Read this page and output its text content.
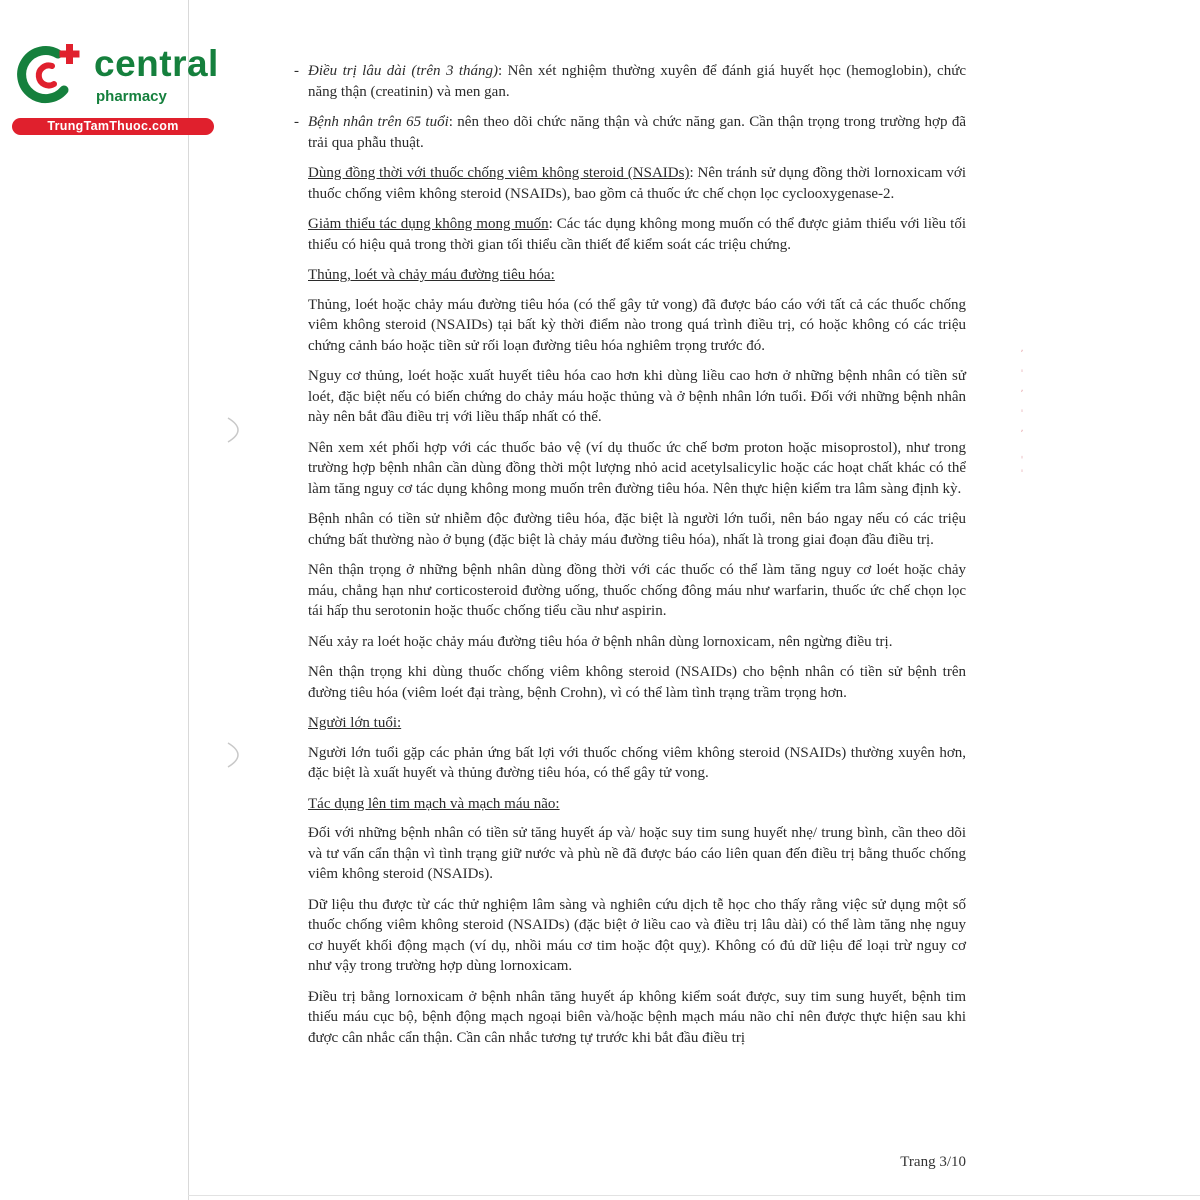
central
pharmacy
TrungTamThuoc.com
ʼ
ˈ
ʼ
ˈ
ʼ
ˌ
ˈ

- Điều trị lâu dài (trên 3 tháng): Nên xét nghiệm thường xuyên để đánh giá huyết học (hemoglobin), chức năng thận (creatinin) và men gan.

- Bệnh nhân trên 65 tuổi: nên theo dõi chức năng thận và chức năng gan. Cần thận trọng trong trường hợp đã trải qua phẫu thuật.

Dùng đồng thời với thuốc chống viêm không steroid (NSAIDs): Nên tránh sử dụng đồng thời lornoxicam với thuốc chống viêm không steroid (NSAIDs), bao gồm cả thuốc ức chế chọn lọc cyclooxygenase-2.

Giảm thiểu tác dụng không mong muốn: Các tác dụng không mong muốn có thể được giảm thiểu với liều tối thiểu có hiệu quả trong thời gian tối thiểu cần thiết để kiểm soát các triệu chứng.

Thủng, loét và chảy máu đường tiêu hóa:

Thủng, loét hoặc chảy máu đường tiêu hóa (có thể gây tử vong) đã được báo cáo với tất cả các thuốc chống viêm không steroid (NSAIDs) tại bất kỳ thời điểm nào trong quá trình điều trị, có hoặc không có các triệu chứng cảnh báo hoặc tiền sử rối loạn đường tiêu hóa nghiêm trọng trước đó.

Nguy cơ thủng, loét hoặc xuất huyết tiêu hóa cao hơn khi dùng liều cao hơn ở những bệnh nhân có tiền sử loét, đặc biệt nếu có biến chứng do chảy máu hoặc thủng và ở bệnh nhân lớn tuổi. Đối với những bệnh nhân này nên bắt đầu điều trị với liều thấp nhất có thể.

Nên xem xét phối hợp với các thuốc bảo vệ (ví dụ thuốc ức chế bơm proton hoặc misoprostol), như trong trường hợp bệnh nhân cần dùng đồng thời một lượng nhỏ acid acetylsalicylic hoặc các hoạt chất khác có thể làm tăng nguy cơ tác dụng không mong muốn trên đường tiêu hóa. Nên thực hiện kiểm tra lâm sàng định kỳ.

Bệnh nhân có tiền sử nhiễm độc đường tiêu hóa, đặc biệt là người lớn tuổi, nên báo ngay nếu có các triệu chứng bất thường nào ở bụng (đặc biệt là chảy máu đường tiêu hóa), nhất là trong giai đoạn đầu điều trị.

Nên thận trọng ở những bệnh nhân dùng đồng thời với các thuốc có thể làm tăng nguy cơ loét hoặc chảy máu, chẳng hạn như corticosteroid đường uống, thuốc chống đông máu như warfarin, thuốc ức chế chọn lọc tái hấp thu serotonin hoặc thuốc chống tiểu cầu như aspirin.

Nếu xảy ra loét hoặc chảy máu đường tiêu hóa ở bệnh nhân dùng lornoxicam, nên ngừng điều trị.

Nên thận trọng khi dùng thuốc chống viêm không steroid (NSAIDs) cho bệnh nhân có tiền sử bệnh trên đường tiêu hóa (viêm loét đại tràng, bệnh Crohn), vì có thể làm tình trạng trầm trọng hơn.

Người lớn tuổi:

Người lớn tuổi gặp các phản ứng bất lợi với thuốc chống viêm không steroid (NSAIDs) thường xuyên hơn, đặc biệt là xuất huyết và thủng đường tiêu hóa, có thể gây tử vong.

Tác dụng lên tim mạch và mạch máu não:

Đối với những bệnh nhân có tiền sử tăng huyết áp và/ hoặc suy tim sung huyết nhẹ/ trung bình, cần theo dõi và tư vấn cẩn thận vì tình trạng giữ nước và phù nề đã được báo cáo liên quan đến điều trị bằng thuốc chống viêm không steroid (NSAIDs).

Dữ liệu thu được từ các thử nghiệm lâm sàng và nghiên cứu dịch tễ học cho thấy rằng việc sử dụng một số thuốc chống viêm không steroid (NSAIDs) (đặc biệt ở liều cao và điều trị lâu dài) có thể làm tăng nhẹ nguy cơ huyết khối động mạch (ví dụ, nhồi máu cơ tim hoặc đột quỵ). Không có đủ dữ liệu để loại trừ nguy cơ như vậy trong trường hợp dùng lornoxicam.

Điều trị bằng lornoxicam ở bệnh nhân tăng huyết áp không kiểm soát được, suy tim sung huyết, bệnh tim thiếu máu cục bộ, bệnh động mạch ngoại biên và/hoặc bệnh mạch máu não chỉ nên được thực hiện sau khi được cân nhắc cẩn thận. Cần cân nhắc tương tự trước khi bắt đầu điều trị

Trang 3/10
